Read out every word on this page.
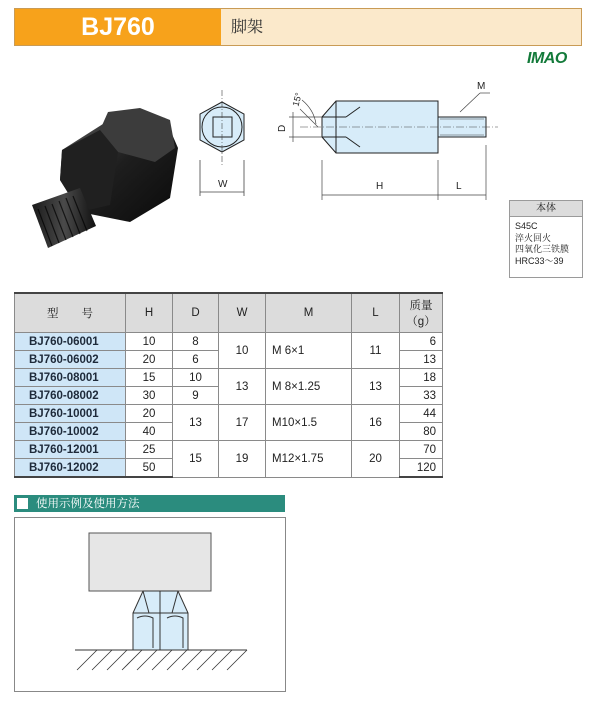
BJ760	脚架
IMAO
W
15°
D
H	L
M
本体
S45C
淬火回火
四氧化三铁膜
HRC33～39
型　　号	H	D	W	M	L	质量
（g）

BJ760-06001	10	8	10	M 6×1	11	6
BJ760-06002	20	6				13
BJ760-08001	15	10	13	M 8×1.25	13	18
BJ760-08002	30	9				33
BJ760-10001	20	13	17	M10×1.5	16	44
BJ760-10002	40					80
BJ760-12001	25	15	19	M12×1.75	20	70
BJ760-12002	50					120
使用示例及使用方法
